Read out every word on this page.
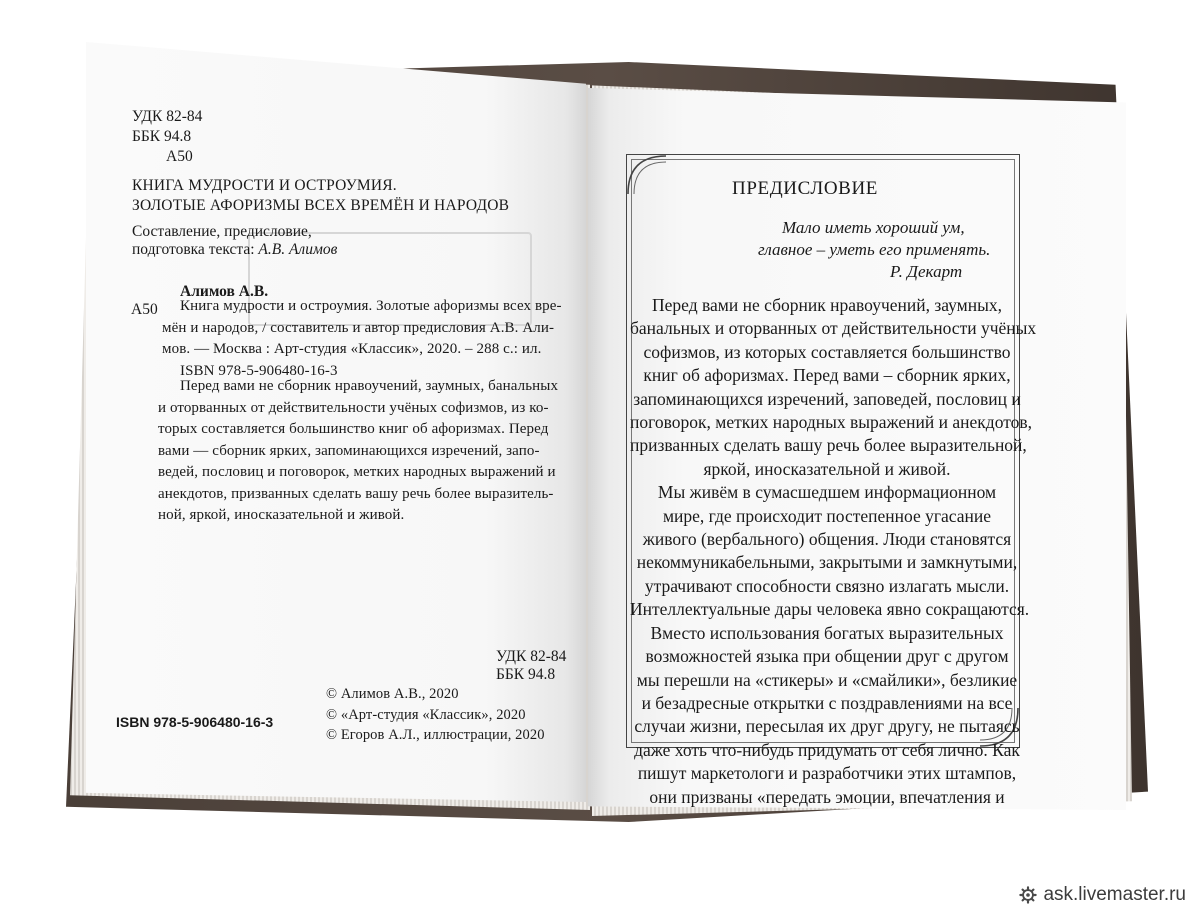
УДК 82-84
ББК 94.8
А50
КНИГА МУДРОСТИ И ОСТРОУМИЯ.
ЗОЛОТЫЕ АФОРИЗМЫ ВСЕХ ВРЕМЁН И НАРОДОВ
Составление, предисловие,
подготовка текста: А.В. Алимов
Алимов А.В.
А50	Книга мудрости и остроумия. Золотые афоризмы всех вре-
мён и народов, / составитель и автор предисловия А.В. Али-
мов. — Москва : Арт-студия «Классик», 2020. – 288 с.: ил.
ISBN 978-5-906480-16-3
Перед вами не сборник нравоучений, заумных, банальных
и оторванных от действительности учёных софизмов, из ко-
торых составляется большинство книг об афоризмах. Перед
вами — сборник ярких, запоминающихся изречений, запо-
ведей, пословиц и поговорок, метких народных выражений и
анекдотов, призванных сделать вашу речь более выразитель-
ной, яркой, иносказательной и живой.
УДК 82-84
ББК 94.8
ISBN 978-5-906480-16-3
© Алимов А.В., 2020
© «Арт-студия «Классик», 2020
© Егоров А.Л., иллюстрации, 2020
ПРЕДИСЛОВИЕ
Мало иметь хороший ум,
главное – уметь его применять.
Р. Декарт
Перед вами не сборник нравоучений, заумных,
банальных и оторванных от действительности учёных
софизмов, из которых составляется большинство
книг об афоризмах. Перед вами – сборник ярких,
запоминающихся изречений, заповедей, пословиц и
поговорок, метких народных выражений и анекдотов,
призванных сделать вашу речь более выразительной,
яркой, иносказательной и живой.
Мы живём в сумасшедшем информационном
мире, где происходит постепенное угасание
живого (вербального) общения. Люди становятся
некоммуникабельными, закрытыми и замкнутыми,
утрачивают способности связно излагать мысли.
Интеллектуальные дары человека явно сокращаются.
Вместо использования богатых выразительных
возможностей языка при общении друг с другом
мы перешли на «стикеры» и «смайлики», безликие
и безадресные открытки с поздравлениями на все
случаи жизни, пересылая их друг другу, не пытаясь
даже хоть что-нибудь придумать от себя лично. Как
пишут маркетологи и разработчики этих штампов,
они призваны «передать эмоции, впечатления и
ask.livemaster.ru
